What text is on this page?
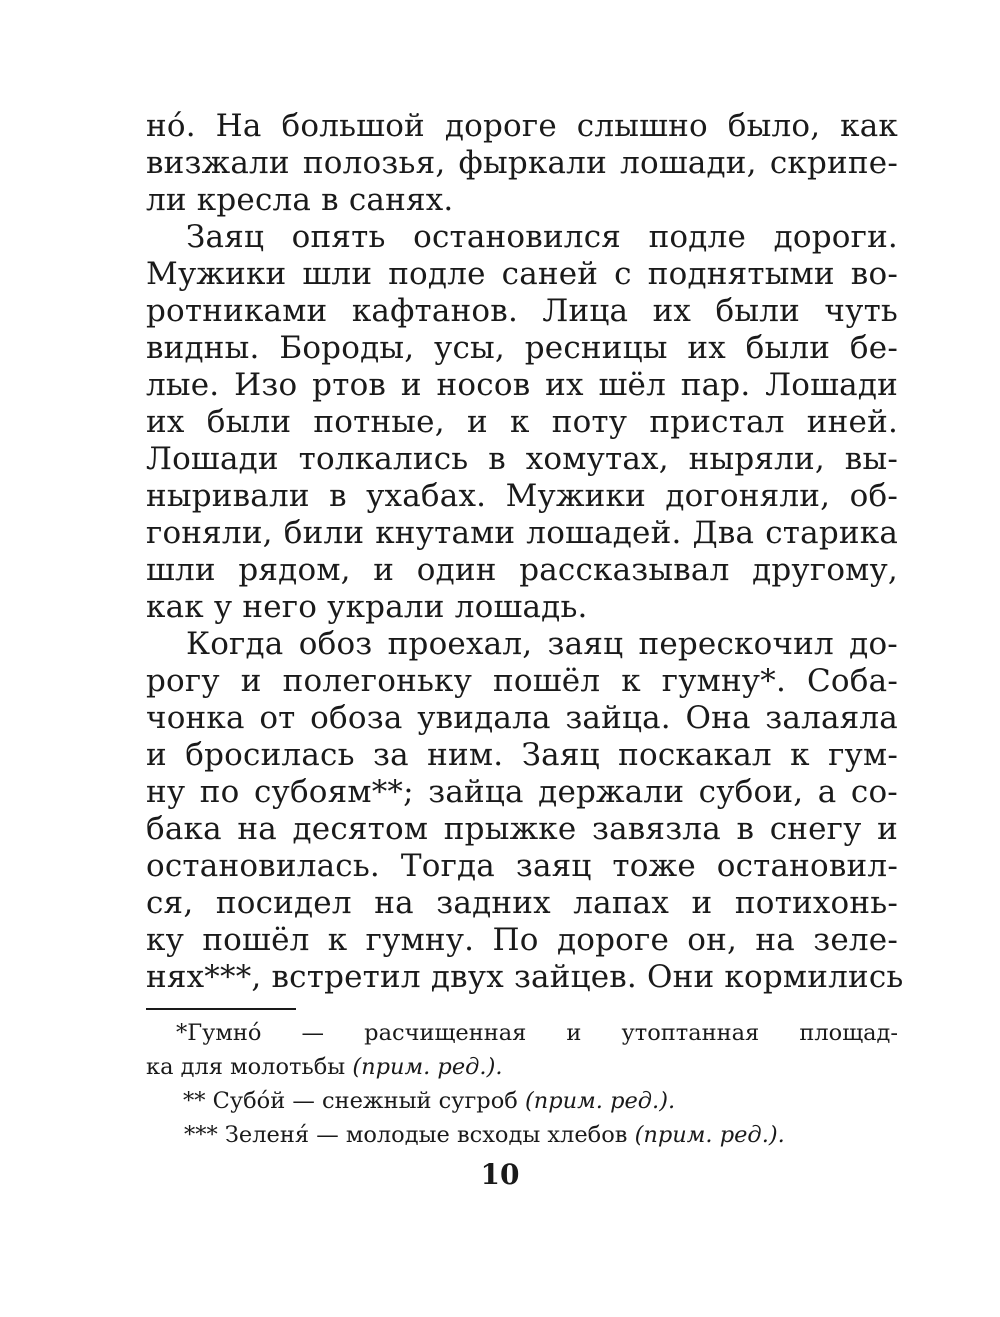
но́. На большой дороге слышно было, как
визжали полозья, фыркали лошади, скрипе-
ли кресла в санях.
Заяц опять остановился подле дороги.
Мужики шли подле саней с поднятыми во-
ротниками кафтанов. Лица их были чуть
видны. Бороды, усы, ресницы их были бе-
лые. Изо ртов и носов их шёл пар. Лошади
их были потные, и к поту пристал иней.
Лошади толкались в хомутах, ныряли, вы-
ныривали в ухабах. Мужики догоняли, об-
гоняли, били кнутами лошадей. Два старика
шли рядом, и один рассказывал другому,
как у него украли лошадь.
Когда обоз проехал, заяц перескочил до-
рогу и полегоньку пошёл к гумну*. Соба-
чонка от обоза увидала зайца. Она залаяла
и бросилась за ним. Заяц поскакал к гум-
ну по субоям**; зайца держали субои, а со-
бака на десятом прыжке завязла в снегу и
остановилась. Тогда заяц тоже остановил-
ся, посидел на задних лапах и потихонь-
ку пошёл к гумну. По дороге он, на зеле-
нях***, встретил двух зайцев. Они кормились
*Гумно́ — расчищенная и утоптанная площад-
ка для молотьбы (прим. ред.).
** Субо́й — снежный сугроб (прим. ред.).
*** Зеленя́ — молодые всходы хлебов (прим. ред.).
10
